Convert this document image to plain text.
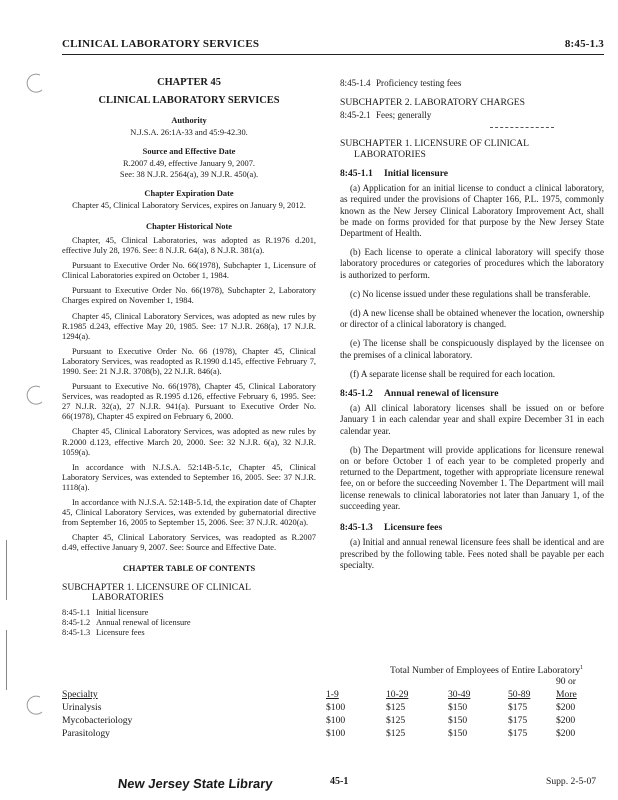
CLINICAL LABORATORY SERVICES	8:45-1.3
CHAPTER 45
CLINICAL LABORATORY SERVICES
Authority
N.J.S.A. 26:1A-33 and 45:9-42.30.
Source and Effective Date
R.2007 d.49, effective January 9, 2007.
See: 38 N.J.R. 2564(a), 39 N.J.R. 450(a).
Chapter Expiration Date
Chapter 45, Clinical Laboratory Services, expires on January 9, 2012.
Chapter Historical Note

Chapter, 45, Clinical Laboratories, was adopted as R.1976 d.201, effective July 28, 1976. See: 8 N.J.R. 64(a), 8 N.J.R. 381(a).

Pursuant to Executive Order No. 66(1978), Subchapter 1, Licensure of Clinical Laboratories expired on October 1, 1984.

Pursuant to Executive Order No. 66(1978), Subchapter 2, Laboratory Charges expired on November 1, 1984.

Chapter 45, Clinical Laboratory Services, was adopted as new rules by R.1985 d.243, effective May 20, 1985. See: 17 N.J.R. 268(a), 17 N.J.R. 1294(a).

Pursuant to Executive Order No. 66 (1978), Chapter 45, Clinical Laboratory Services, was readopted as R.1990 d.145, effective February 7, 1990. See: 21 N.J.R. 3708(b), 22 N.J.R. 846(a).

Pursuant to Executive No. 66(1978), Chapter 45, Clinical Laboratory Services, was readopted as R.1995 d.126, effective February 6, 1995. See: 27 N.J.R. 32(a), 27 N.J.R. 941(a). Pursuant to Executive Order No. 66(1978), Chapter 45 expired on February 6, 2000.

Chapter 45, Clinical Laboratory Services, was adopted as new rules by R.2000 d.123, effective March 20, 2000. See: 32 N.J.R. 6(a), 32 N.J.R. 1059(a).

In accordance with N.J.S.A. 52:14B-5.1c, Chapter 45, Clinical Laboratory Services, was extended to September 16, 2005. See: 37 N.J.R. 1118(a).

In accordance with N.J.S.A. 52:14B-5.1d, the expiration date of Chapter 45, Clinical Laboratory Services, was extended by gubernatorial directive from September 16, 2005 to September 15, 2006. See: 37 N.J.R. 4020(a).

Chapter 45, Clinical Laboratory Services, was readopted as R.2007 d.49, effective January 9, 2007. See: Source and Effective Date.

CHAPTER TABLE OF CONTENTS
SUBCHAPTER 1. LICENSURE OF CLINICAL
LABORATORIES
8:45-1.1 Initial licensure
8:45-1.2 Annual renewal of licensure
8:45-1.3 Licensure fees
8:45-1.4 Proficiency testing fees
SUBCHAPTER 2. LABORATORY CHARGES
8:45-2.1 Fees; generally
SUBCHAPTER 1. LICENSURE OF CLINICAL
LABORATORIES
8:45-1.1 Initial licensure

(a) Application for an initial license to conduct a clinical laboratory, as required under the provisions of Chapter 166, P.L. 1975, commonly known as the New Jersey Clinical Laboratory Improvement Act, shall be made on forms provided for that purpose by the New Jersey State Department of Health.

(b) Each license to operate a clinical laboratory will specify those laboratory procedures or categories of procedures which the laboratory is authorized to perform.

(c) No license issued under these regulations shall be transferable.

(d) A new license shall be obtained whenever the location, ownership or director of a clinical laboratory is changed.

(e) The license shall be conspicuously displayed by the licensee on the premises of a clinical laboratory.

(f) A separate license shall be required for each location.

8:45-1.2 Annual renewal of licensure

(a) All clinical laboratory licenses shall be issued on or before January 1 in each calendar year and shall expire December 31 in each calendar year.

(b) The Department will provide applications for licensure renewal on or before October 1 of each year to be completed properly and returned to the Department, together with appropriate licensure renewal fee, on or before the succeeding November 1. The Department will mail license renewals to clinical laboratories not later than January 1, of the succeeding year.

8:45-1.3 Licensure fees

(a) Initial and annual renewal licensure fees shall be identical and are prescribed by the following table. Fees noted shall be payable per each specialty.

Total Number of Employees of Entire Laboratory$^1$
90 or
Specialty	1-9	10-29	30-49	50-89	More
Urinalysis	$100	$125	$150	$175	$200
Mycobacteriology	$100	$125	$150	$175	$200
Parasitology	$100	$125	$150	$175	$200
New Jersey State Library	45-1	Supp. 2-5-07
